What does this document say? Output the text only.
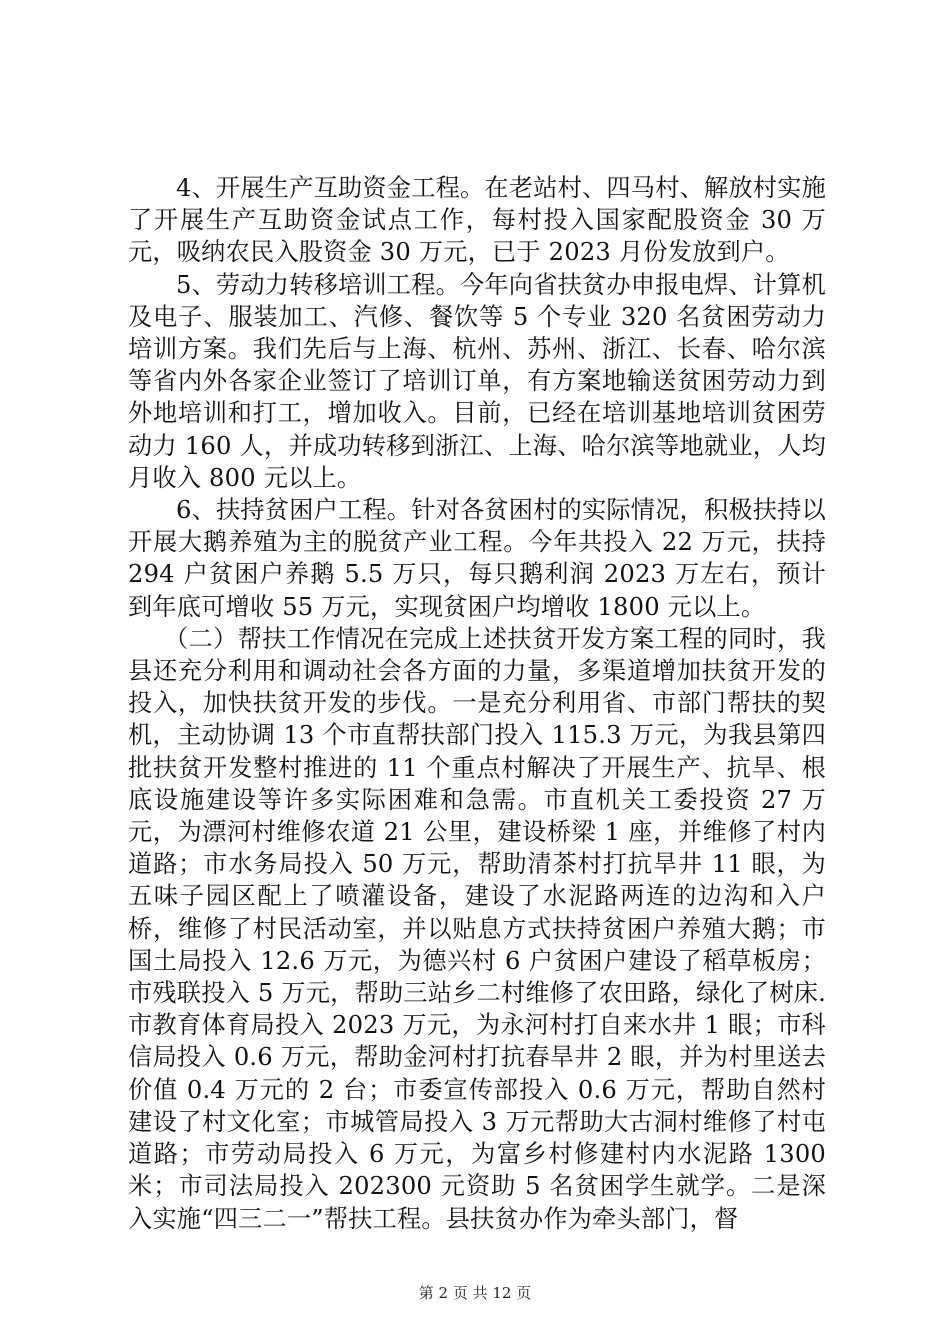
4、开展生产互助资金工程。在老站村、四马村、解放村实施了开展生产互助资金试点工作，每村投入国家配股资金 30 万元，吸纳农民入股资金 30 万元，已于 2023 月份发放到户。

5、劳动力转移培训工程。今年向省扶贫办申报电焊、计算机及电子、服装加工、汽修、餐饮等 5 个专业 320 名贫困劳动力培训方案。我们先后与上海、杭州、苏州、浙江、长春、哈尔滨等省内外各家企业签订了培训订单，有方案地输送贫困劳动力到外地培训和打工，增加收入。目前，已经在培训基地培训贫困劳动力 160 人，并成功转移到浙江、上海、哈尔滨等地就业，人均月收入 800 元以上。

6、扶持贫困户工程。针对各贫困村的实际情况，积极扶持以开展大鹅养殖为主的脱贫产业工程。今年共投入 22 万元，扶持 294 户贫困户养鹅 5.5 万只，每只鹅利润 2023 万左右，预计到年底可增收 55 万元，实现贫困户均增收 1800 元以上。

（二）帮扶工作情况在完成上述扶贫开发方案工程的同时，我县还充分利用和调动社会各方面的力量，多渠道增加扶贫开发的投入，加快扶贫开发的步伐。一是充分利用省、市部门帮扶的契机，主动协调 13 个市直帮扶部门投入 115.3 万元，为我县第四批扶贫开发整村推进的 11 个重点村解决了开展生产、抗旱、根底设施建设等许多实际困难和急需。市直机关工委投资 27 万元，为漂河村维修农道 21 公里，建设桥梁 1 座，并维修了村内道路；市水务局投入 50 万元，帮助清茶村打抗旱井 11 眼，为五味子园区配上了喷灌设备，建设了水泥路两连的边沟和入户桥，维修了村民活动室，并以贴息方式扶持贫困户养殖大鹅；市国土局投入 12.6 万元，为德兴村 6 户贫困户建设了稻草板房；市残联投入 5 万元，帮助三站乡二村维修了农田路，绿化了树床. 市教育体育局投入 2023 万元，为永河村打自来水井 1 眼；市科信局投入 0.6 万元，帮助金河村打抗春旱井 2 眼，并为村里送去价值 0.4 万元的 2 台；市委宣传部投入 0.6 万元，帮助自然村建设了村文化室；市城管局投入 3 万元帮助大古洞村维修了村屯道路；市劳动局投入 6 万元，为富乡村修建村内水泥路 1300 米；市司法局投入 202300 元资助 5 名贫困学生就学。二是深入实施“四三二一”帮扶工程。县扶贫办作为牵头部门，督

第 2 页 共 12 页
